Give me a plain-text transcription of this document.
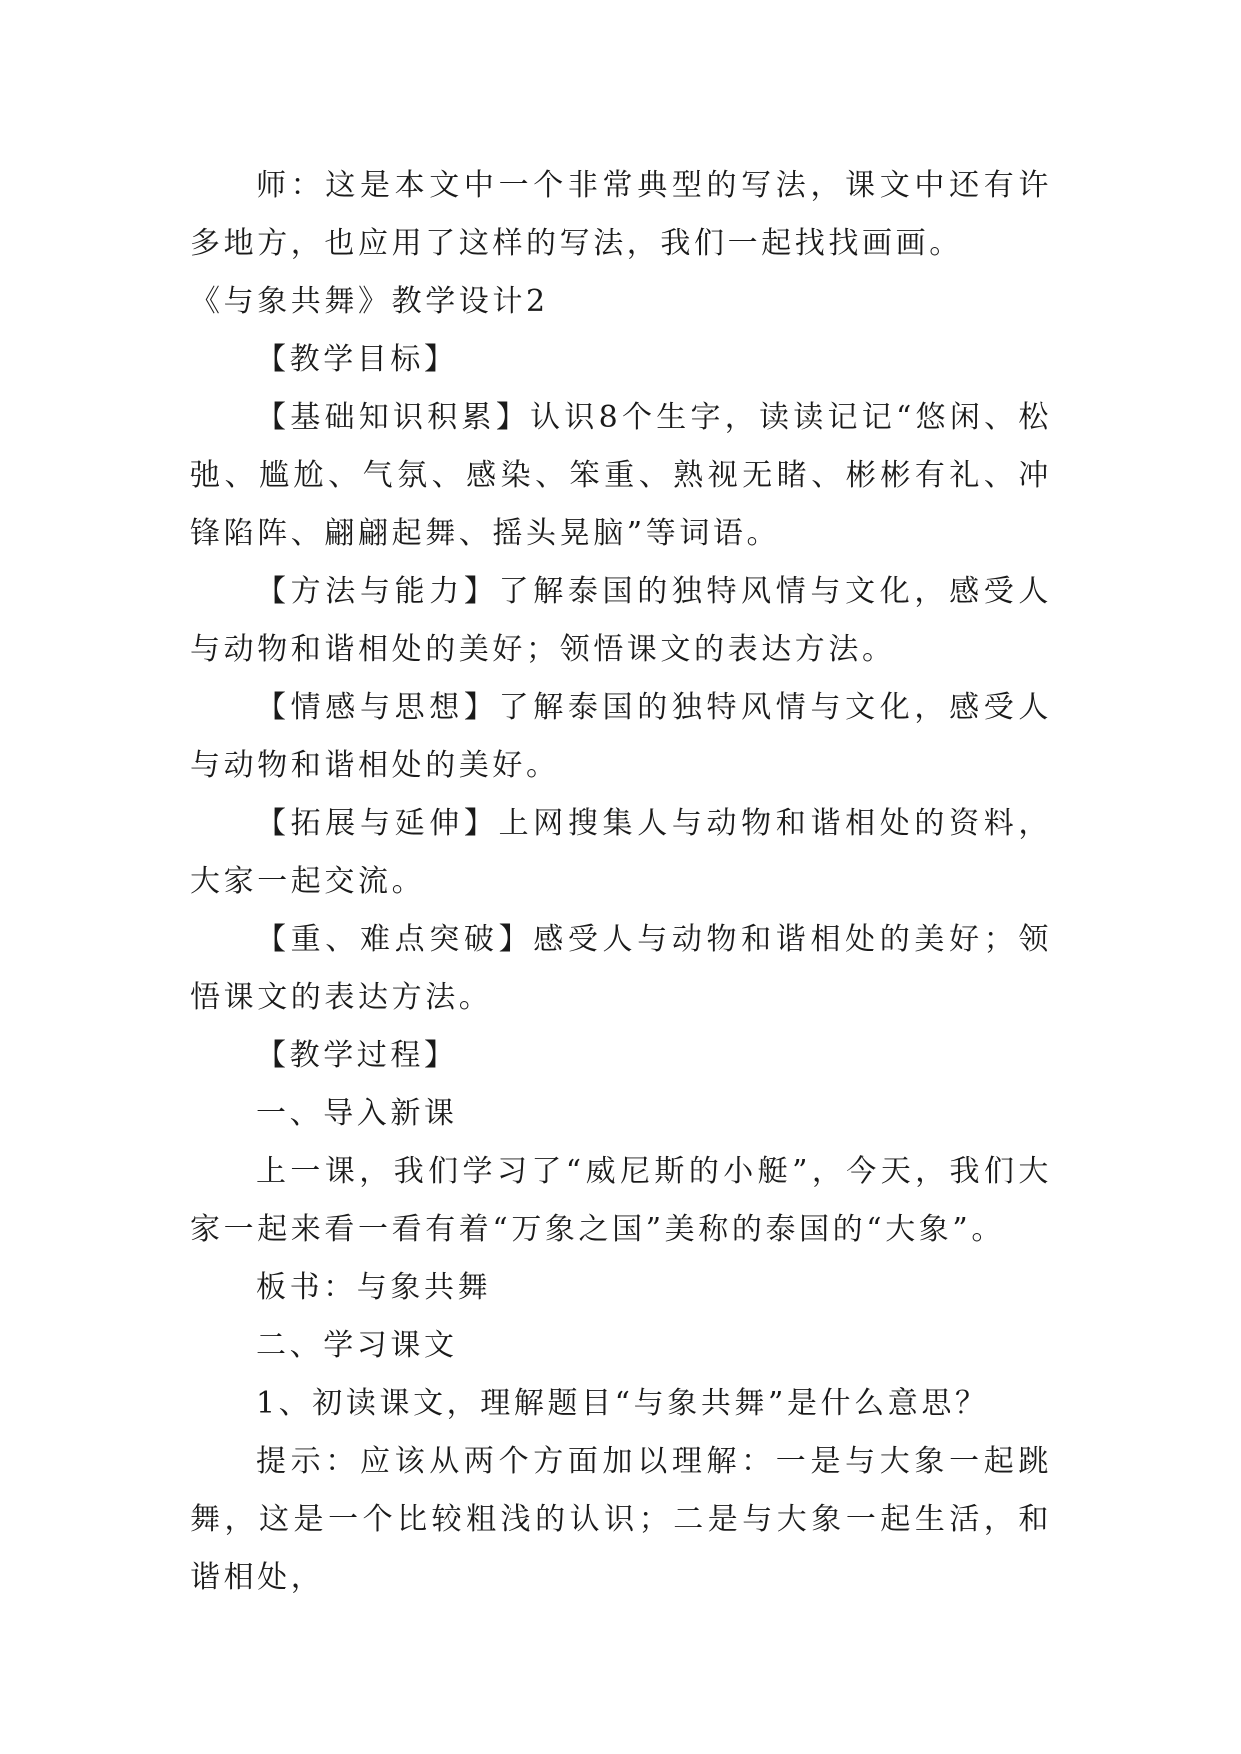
师：这是本文中一个非常典型的写法，课文中还有许多地方，也应用了这样的写法，我们一起找找画画。

《与象共舞》教学设计2

【教学目标】

【基础知识积累】认识8个生字，读读记记“悠闲、松弛、尴尬、气氛、感染、笨重、熟视无睹、彬彬有礼、冲锋陷阵、翩翩起舞、摇头晃脑”等词语。

【方法与能力】了解泰国的独特风情与文化，感受人与动物和谐相处的美好；领悟课文的表达方法。

【情感与思想】了解泰国的独特风情与文化，感受人与动物和谐相处的美好。

【拓展与延伸】上网搜集人与动物和谐相处的资料，大家一起交流。

【重、难点突破】感受人与动物和谐相处的美好；领悟课文的表达方法。

【教学过程】

一、导入新课

上一课，我们学习了“威尼斯的小艇”，今天，我们大家一起来看一看有着“万象之国”美称的泰国的“大象”。

板书：与象共舞

二、学习课文

1、初读课文，理解题目“与象共舞”是什么意思？

提示：应该从两个方面加以理解：一是与大象一起跳舞，这是一个比较粗浅的认识；二是与大象一起生活，和谐相处，
